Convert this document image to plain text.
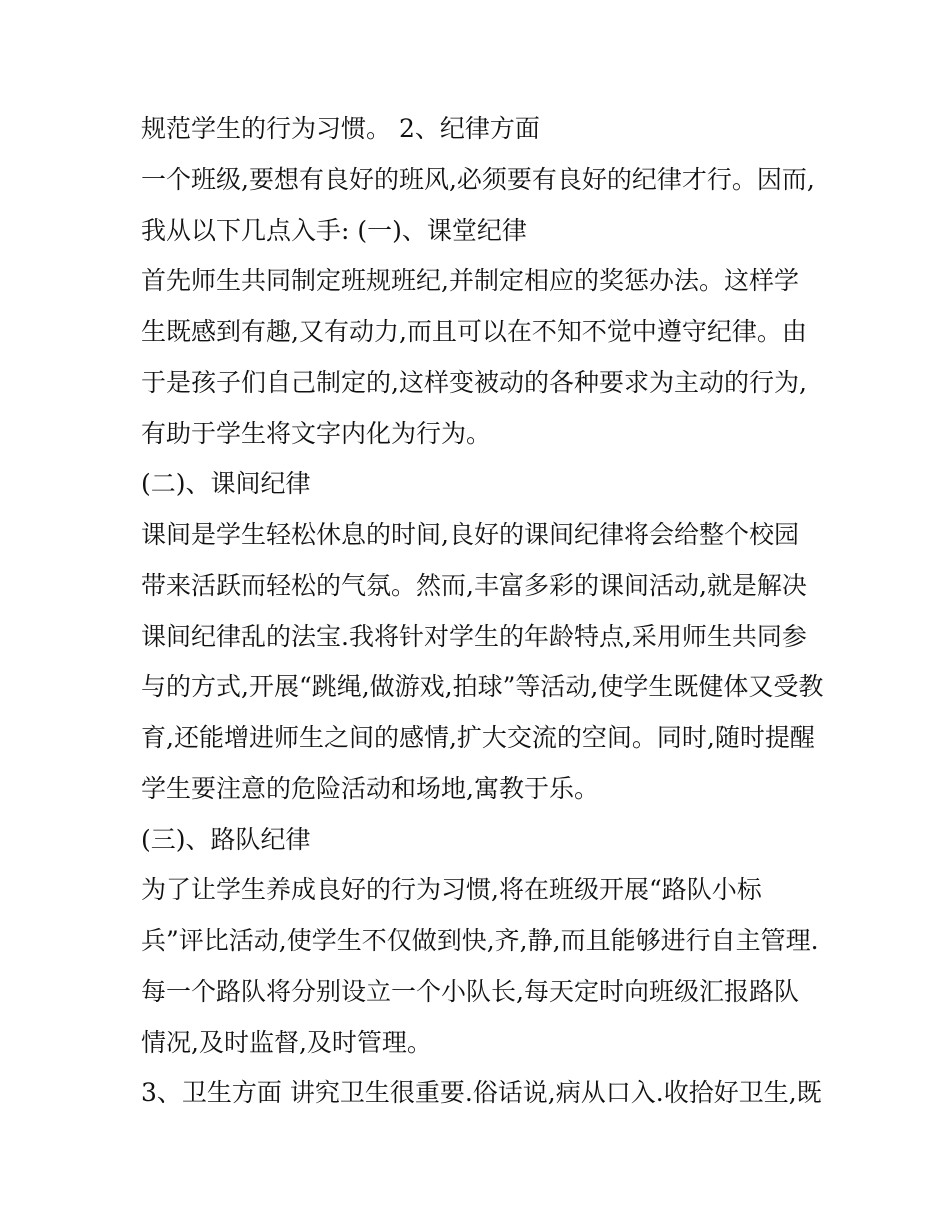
规范学生的行为习惯。 2、纪律方面
一个班级,要想有良好的班风,必须要有良好的纪律才行。因而,
我从以下几点入手: (一)、课堂纪律
首先师生共同制定班规班纪,并制定相应的奖惩办法。这样学
生既感到有趣,又有动力,而且可以在不知不觉中遵守纪律。由
于是孩子们自己制定的,这样变被动的各种要求为主动的行为,
有助于学生将文字内化为行为。
(二)、课间纪律
课间是学生轻松休息的时间,良好的课间纪律将会给整个校园
带来活跃而轻松的气氛。然而,丰富多彩的课间活动,就是解决
课间纪律乱的法宝.我将针对学生的年龄特点,采用师生共同参
与的方式,开展“跳绳,做游戏,拍球”等活动,使学生既健体又受教
育,还能增进师生之间的感情,扩大交流的空间。同时,随时提醒
学生要注意的危险活动和场地,寓教于乐。
(三)、路队纪律
为了让学生养成良好的行为习惯,将在班级开展“路队小标
兵”评比活动,使学生不仅做到快,齐,静,而且能够进行自主管理.
每一个路队将分别设立一个小队长,每天定时向班级汇报路队
情况,及时监督,及时管理。
3、卫生方面 讲究卫生很重要.俗话说,病从口入.收拾好卫生,既
